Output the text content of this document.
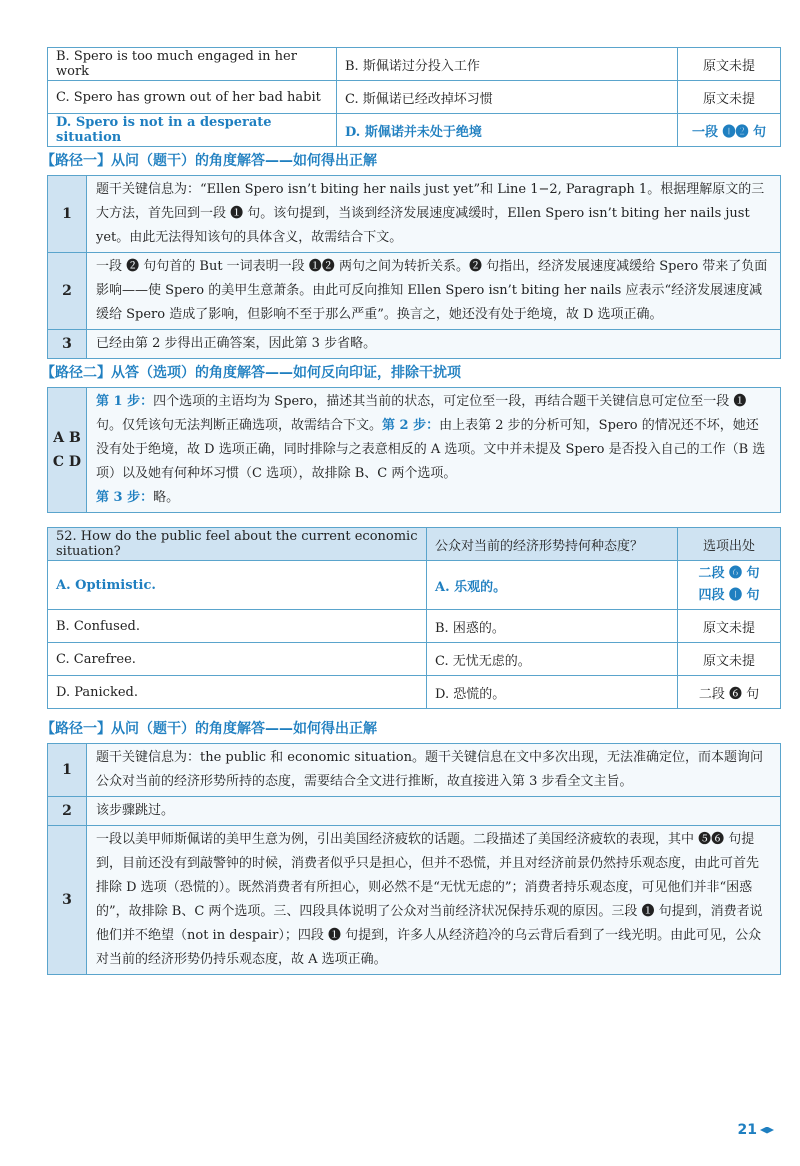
B. Spero is too much engaged in her work	B. 斯佩诺过分投入工作	原文未提
C. Spero has grown out of her bad habit	C. 斯佩诺已经改掉坏习惯	原文未提
D. Spero is not in a desperate situation	D. 斯佩诺并未处于绝境	一段 ❶❷ 句
【路径一】从问（题干）的角度解答——如何得出正解
1	题干关键信息为：“Ellen Spero isn’t biting her nails just yet”和 Line 1−2, Paragraph 1。根据理解原文的三大方法，首先回到一段 ❶ 句。该句提到，当谈到经济发展速度减缓时，Ellen Spero isn’t biting her nails just yet。由此无法得知该句的具体含义，故需结合下文。
2	一段 ❷ 句句首的 But 一词表明一段 ❶❷ 两句之间为转折关系。❷ 句指出，经济发展速度减缓给 Spero 带来了负面影响——使 Spero 的美甲生意萧条。由此可反向推知 Ellen Spero isn’t biting her nails 应表示“经济发展速度减缓给 Spero 造成了影响，但影响不至于那么严重”。换言之，她还没有处于绝境，故 D 选项正确。
3	已经由第 2 步得出正确答案，因此第 3 步省略。
【路径二】从答（选项）的角度解答——如何反向印证，排除干扰项
A B
C D
	第 1 步：四个选项的主语均为 Spero，描述其当前的状态，可定位至一段，再结合题干关键信息可定位至一段 ❶ 句。仅凭该句无法判断正确选项，故需结合下文。第 2 步：由上表第 2 步的分析可知，Spero 的情况还不坏，她还没有处于绝境，故 D 选项正确，同时排除与之表意相反的 A 选项。文中并未提及 Spero 是否投入自己的工作（B 选项）以及她有何种坏习惯（C 选项），故排除 B、C 两个选项。
第 3 步：略。
52. How do the public feel about the current economic situation?	公众对当前的经济形势持何种态度？	选项出处
A. Optimistic.	A. 乐观的。	二段 ❻ 句
四段 ❶ 句

B. Confused.	B. 困惑的。	原文未提
C. Carefree.	C. 无忧无虑的。	原文未提
D. Panicked.	D. 恐慌的。	二段 ❻ 句
【路径一】从问（题干）的角度解答——如何得出正解
1	题干关键信息为：the public 和 economic situation。题干关键信息在文中多次出现，无法准确定位，而本题询问公众对当前的经济形势所持的态度，需要结合全文进行推断，故直接进入第 3 步看全文主旨。
2	该步骤跳过。
3	一段以美甲师斯佩诺的美甲生意为例，引出美国经济疲软的话题。二段描述了美国经济疲软的表现，其中 ❺❻ 句提到，目前还没有到敲警钟的时候，消费者似乎只是担心，但并不恐慌，并且对经济前景仍然持乐观态度，由此可首先排除 D 选项（恐慌的）。既然消费者有所担心，则必然不是“无忧无虑的”；消费者持乐观态度，可见他们并非“困惑的”，故排除 B、C 两个选项。三、四段具体说明了公众对当前经济状况保持乐观的原因。三段 ❶ 句提到，消费者说他们并不绝望（not in despair）；四段 ❶ 句提到，许多人从经济趋冷的乌云背后看到了一线光明。由此可见，公众对当前的经济形势仍持乐观态度，故 A 选项正确。
21
